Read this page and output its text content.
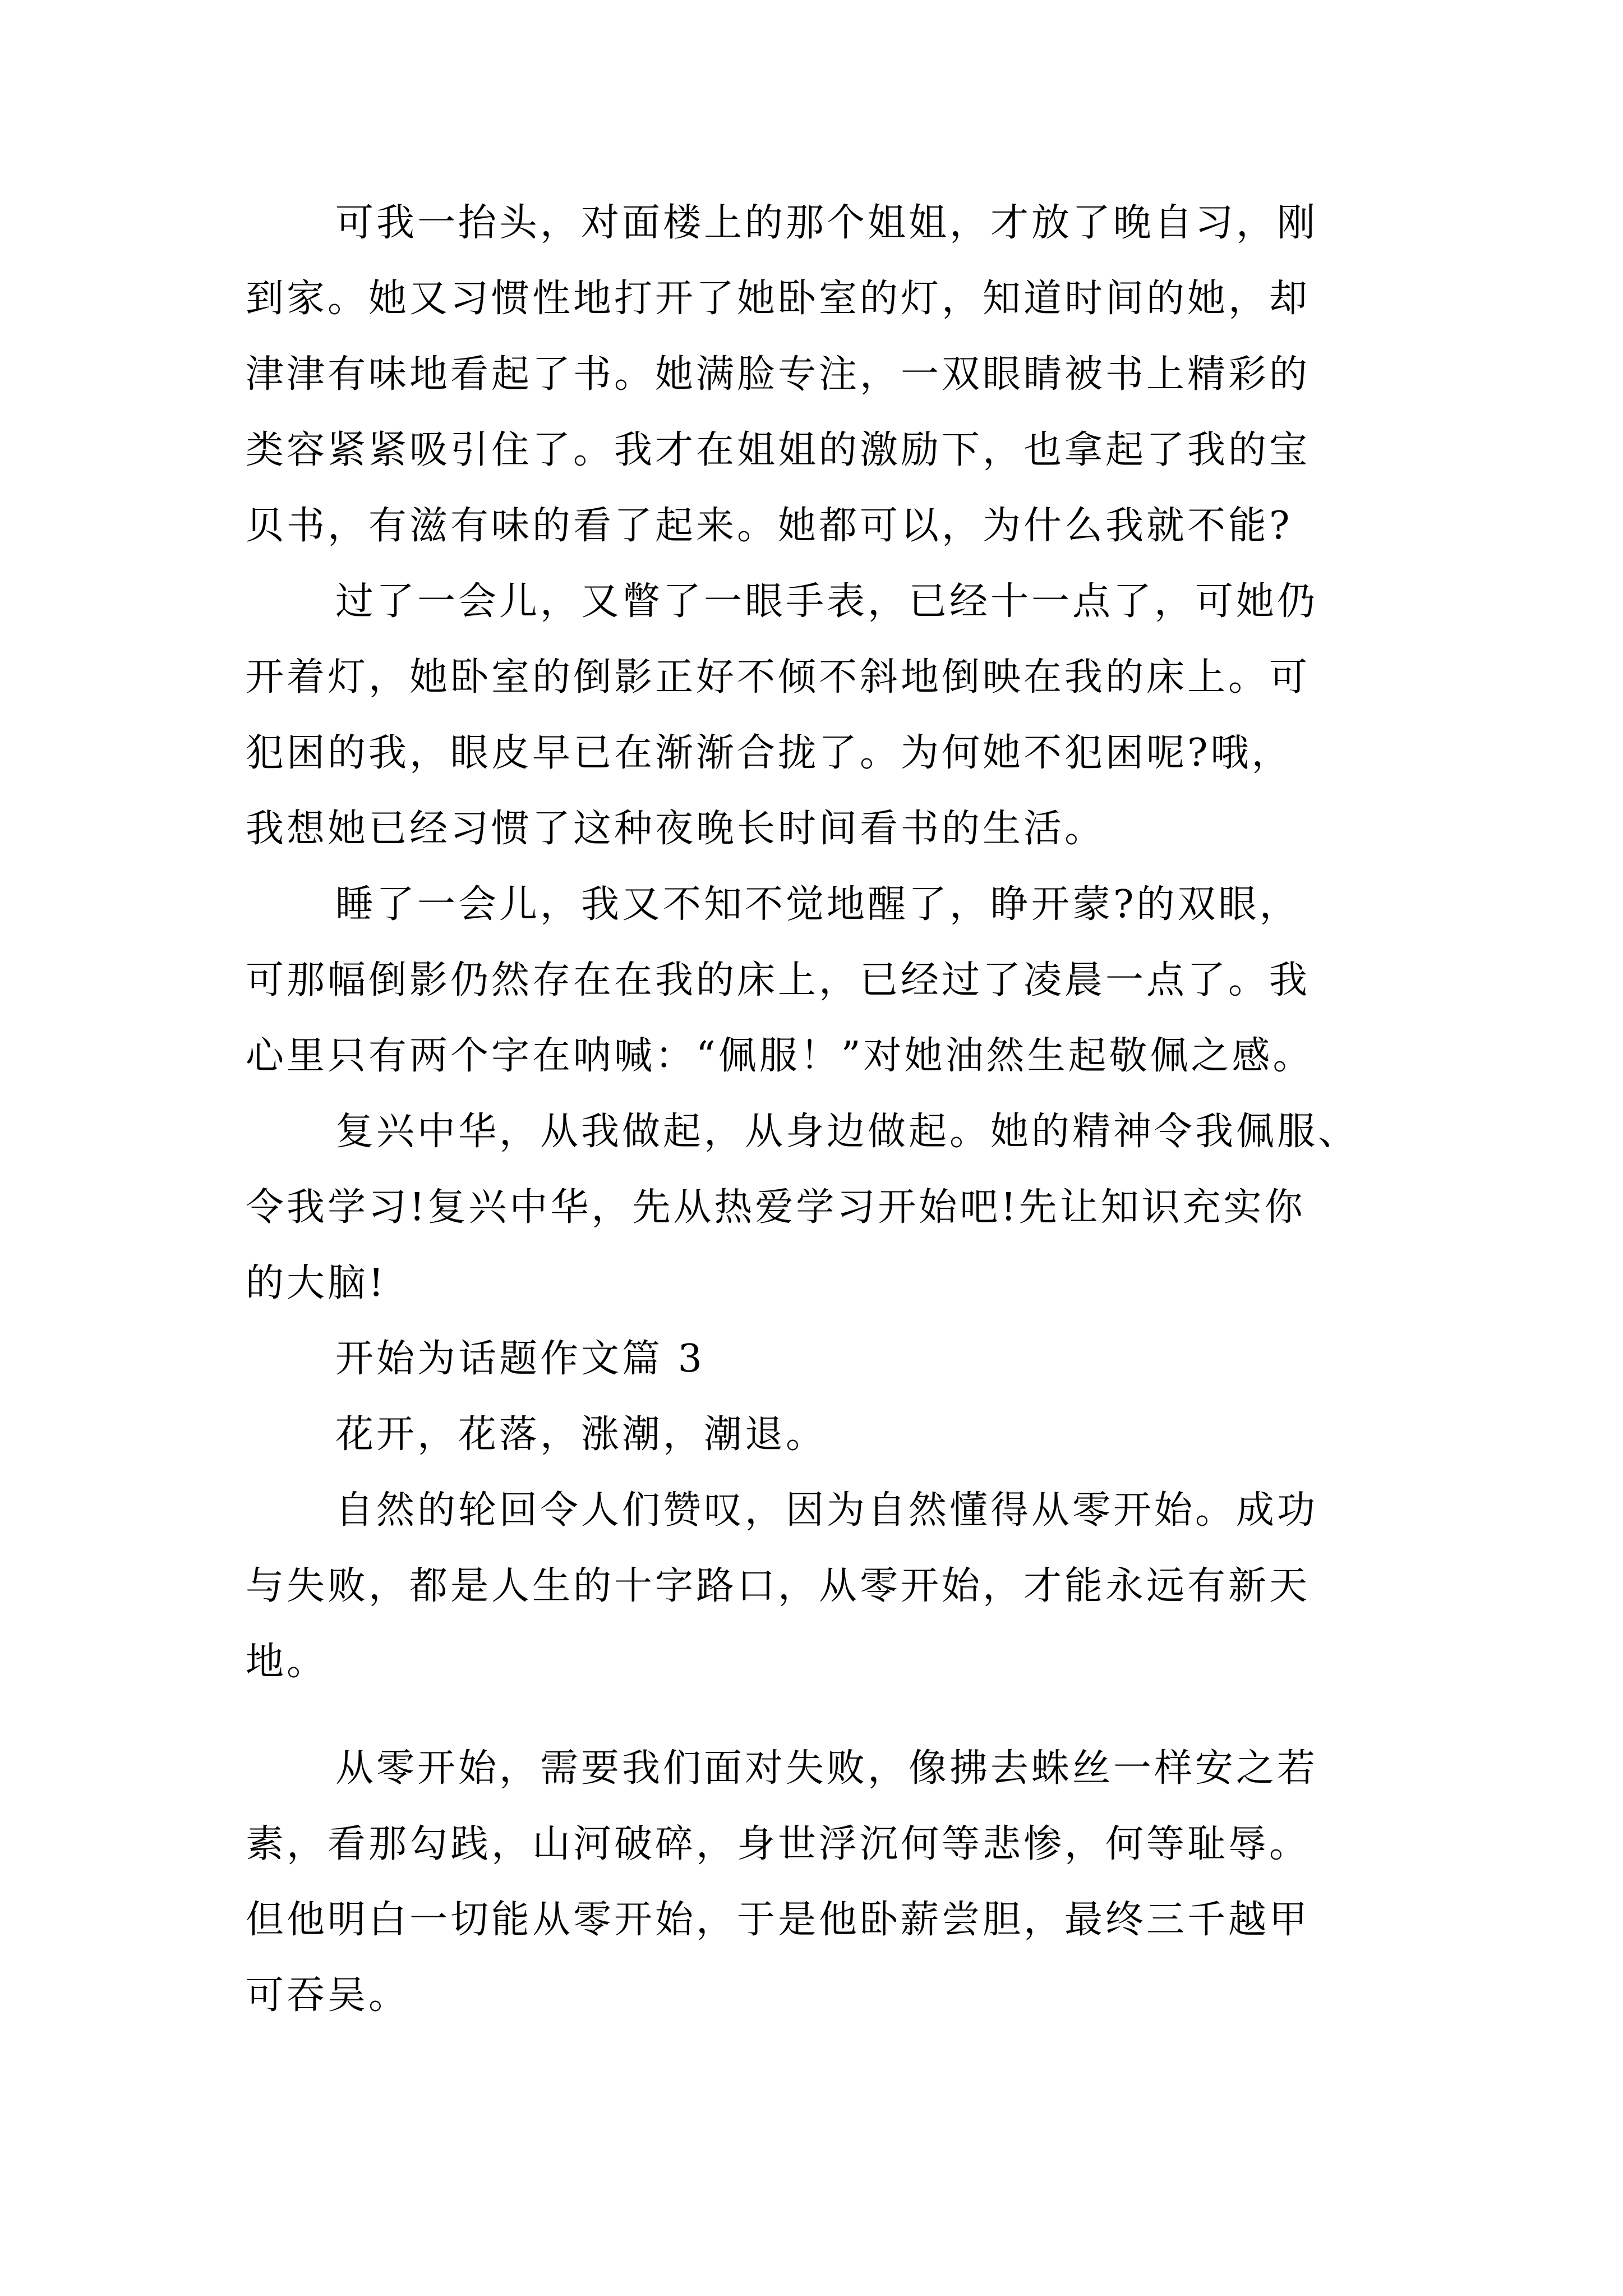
可我一抬头，对面楼上的那个姐姐，才放了晚自习，刚
到家。她又习惯性地打开了她卧室的灯，知道时间的她，却
津津有味地看起了书。她满脸专注，一双眼睛被书上精彩的
类容紧紧吸引住了。我才在姐姐的激励下，也拿起了我的宝
贝书，有滋有味的看了起来。她都可以，为什么我就不能?
过了一会儿，又瞥了一眼手表，已经十一点了，可她仍
开着灯，她卧室的倒影正好不倾不斜地倒映在我的床上。可
犯困的我，眼皮早已在渐渐合拢了。为何她不犯困呢?哦，
我想她已经习惯了这种夜晚长时间看书的生活。
睡了一会儿，我又不知不觉地醒了，睁开蒙?的双眼，
可那幅倒影仍然存在在我的床上，已经过了凌晨一点了。我
心里只有两个字在呐喊：“佩服！”对她油然生起敬佩之感。
复兴中华，从我做起，从身边做起。她的精神令我佩服、
令我学习!复兴中华，先从热爱学习开始吧!先让知识充实你
的大脑!
开始为话题作文篇 3
花开，花落，涨潮，潮退。
自然的轮回令人们赞叹，因为自然懂得从零开始。成功
与失败，都是人生的十字路口，从零开始，才能永远有新天
地。
从零开始，需要我们面对失败，像拂去蛛丝一样安之若
素，看那勾践，山河破碎，身世浮沉何等悲惨，何等耻辱。
但他明白一切能从零开始，于是他卧薪尝胆，最终三千越甲
可吞吴。
